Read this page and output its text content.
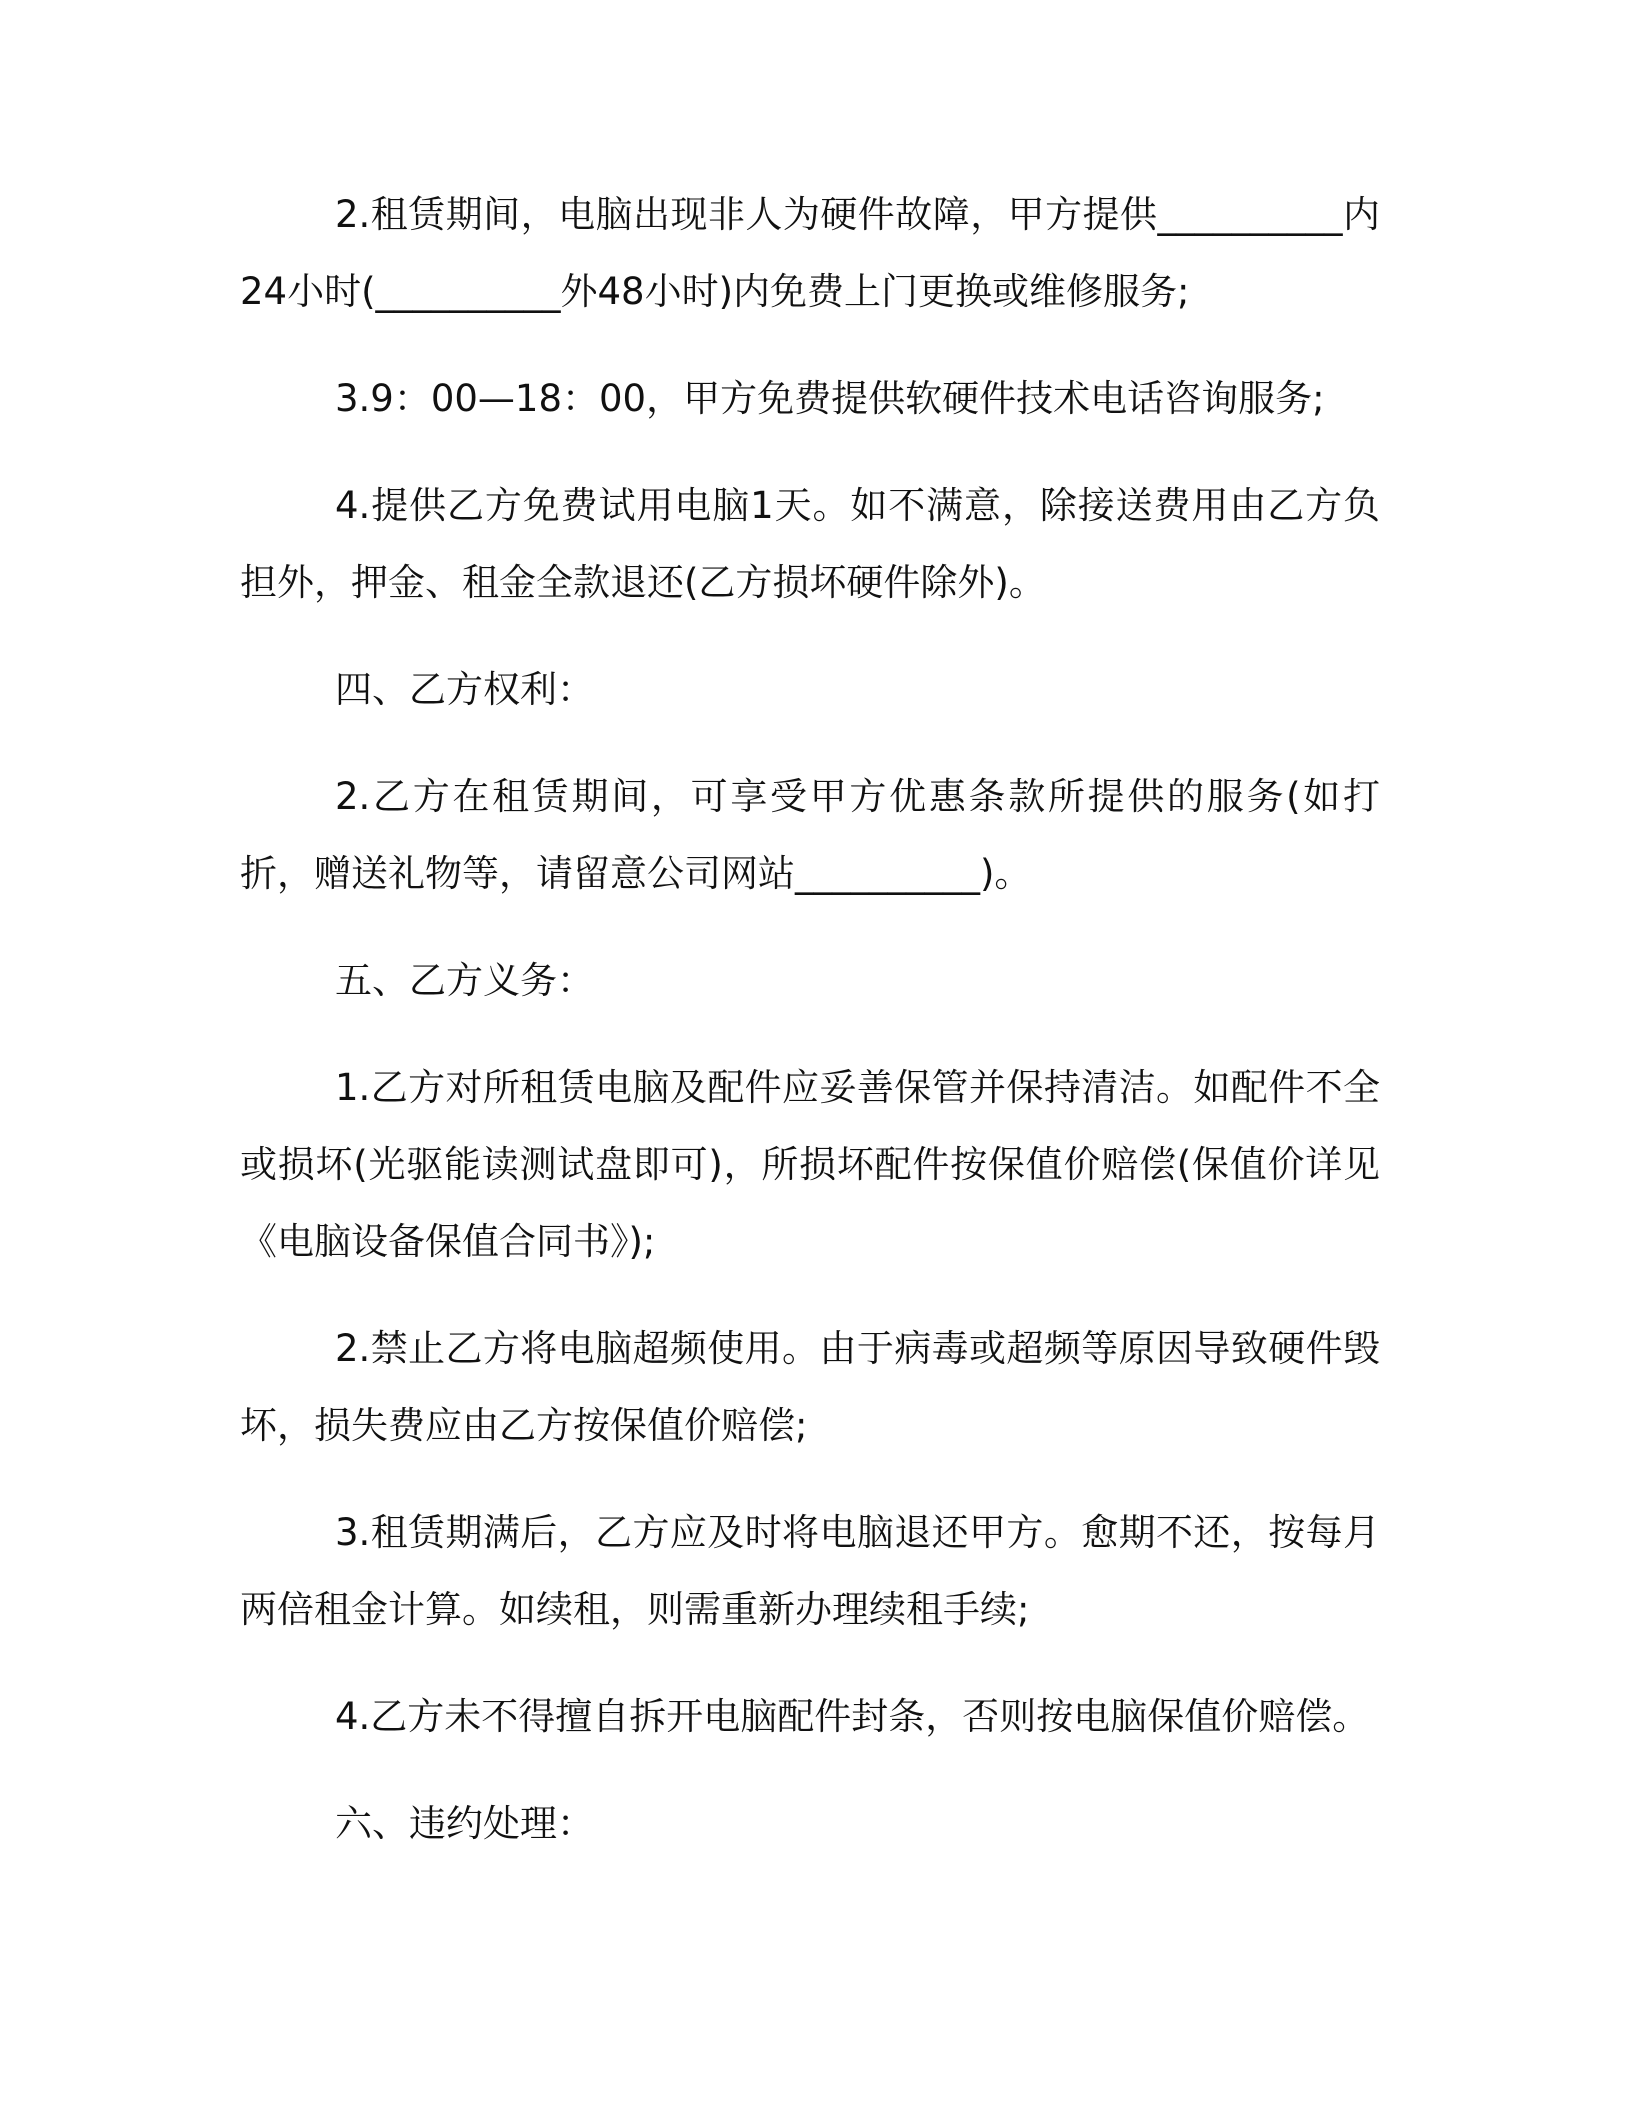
2.租赁期间，电脑出现非人为硬件故障，甲方提供__________内24小时(__________外48小时)内免费上门更换或维修服务;

3.9：00—18：00，甲方免费提供软硬件技术电话咨询服务;

4.提供乙方免费试用电脑1天。如不满意，除接送费用由乙方负担外，押金、租金全款退还(乙方损坏硬件除外)。

四、乙方权利：

2.乙方在租赁期间，可享受甲方优惠条款所提供的服务(如打折，赠送礼物等，请留意公司网站__________)。

五、乙方义务：

1.乙方对所租赁电脑及配件应妥善保管并保持清洁。如配件不全或损坏(光驱能读测试盘即可)，所损坏配件按保值价赔偿(保值价详见《电脑设备保值合同书》);

2.禁止乙方将电脑超频使用。由于病毒或超频等原因导致硬件毁坏，损失费应由乙方按保值价赔偿;

3.租赁期满后，乙方应及时将电脑退还甲方。愈期不还，按每月两倍租金计算。如续租，则需重新办理续租手续;

4.乙方未不得擅自拆开电脑配件封条，否则按电脑保值价赔偿。

六、违约处理：
